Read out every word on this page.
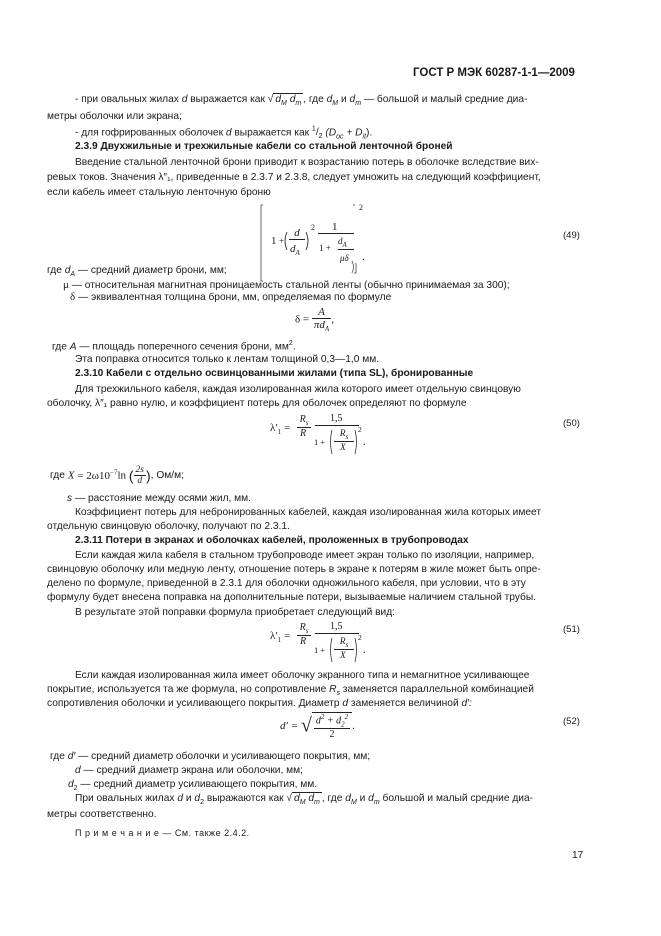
ГОСТ Р МЭК 60287-1-1—2009
- при овальных жилах d выражается как √ $d_M$ $d_m$ , где $d_M$ и $d_m$ — большой и малый средние диа-
метры оболочки или экрана;
- для гофрированных оболочек d выражается как $^1/_2$ $(D_{oc} + D_{it})$.
2.3.9 Двухжильные и трехжильные кабели со стальной ленточной броней
Введение стальной ленточной брони приводит к возрастанию потерь в оболочке вследствие вих-
ревых токов. Значения λ″₁, приведенные в 2.3.7 и 2.3.8, следует умножить на следующий коэффициент,
если кабель имеет стальную ленточную броню
1 +
d
$d_A$
2 1
1 +
$d_A$
μδ
2
.
(49)
где $d_A$ — средний диаметр брони, мм;
μ — относительная магнитная проницаемость стальной ленты (обычно принимаемая за 300);
δ — эквивалентная толщина брони, мм, определяемая по формуле
$\delta = \frac{A}{\pi d_A}$ ,
где A — площадь поперечного сечения брони, $мм^2$.
Эта поправка относится только к лентам толщиной 0,3—1,0 мм.
2.3.10 Кабели с отдельно освинцованными жилами (типа SL), бронированные
Для трехжильного кабеля, каждая изолированная жила которого имеет отдельную свинцовую
оболочку, λ″₁ равно нулю, и коэффициент потерь для оболочек определяют по формуле
$\lambda'_1$ =
$R_s$
R
1,5
1 +
$R_s$
X
2
.
(50)
где $X = 2\omega 10^{-7}\ln$ ( $\frac{2s}{d}$ ), Ом/м;
s — расстояние между осями жил, мм.
Коэффициент потерь для небронированных кабелей, каждая изолированная жила которых имеет
отдельную свинцовую оболочку, получают по 2.3.1.
2.3.11 Потери в экранах и оболочках кабелей, проложенных в трубопроводах
Если каждая жила кабеля в стальном трубопроводе имеет экран только по изоляции, например,
свинцовую оболочку или медную ленту, отношение потерь в экране к потерям в жиле может быть опре-
делено по формуле, приведенной в 2.3.1 для оболочки одножильного кабеля, при условии, что в эту
формулу будет внесена поправка на дополнительные потери, вызываемые наличием стальной трубы.
В результате этой поправки формула приобретает следующий вид:
$\lambda'_1$ =
$R_s$
R
1,5
1 +
$R_s$
X
2
.
(51)
Если каждая изолированная жила имеет оболочку экранного типа и немагнитное усиливающее
покрытие, используется та же формула, но сопротивление $R_s$ заменяется параллельной комбинацией
сопротивления оболочки и усиливающего покрытия. Диаметр d заменяется величиной d′:
d′ = √ $\frac{d^2 + d_2^2}{2}$ .	(52)
где d′ — средний диаметр оболочки и усиливающего покрытия, мм;
d — средний диаметр экрана или оболочки, мм;
$d_2$ — средний диаметр усиливающего покрытия, мм.
При овальных жилах d и $d_2$ выражаются как √ $d_M$ $d_m$ , где $d_M$ и $d_m$ большой и малый средние диа-
метры соответственно.
П р и м е ч а н и е — См. также 2.4.2.
17
